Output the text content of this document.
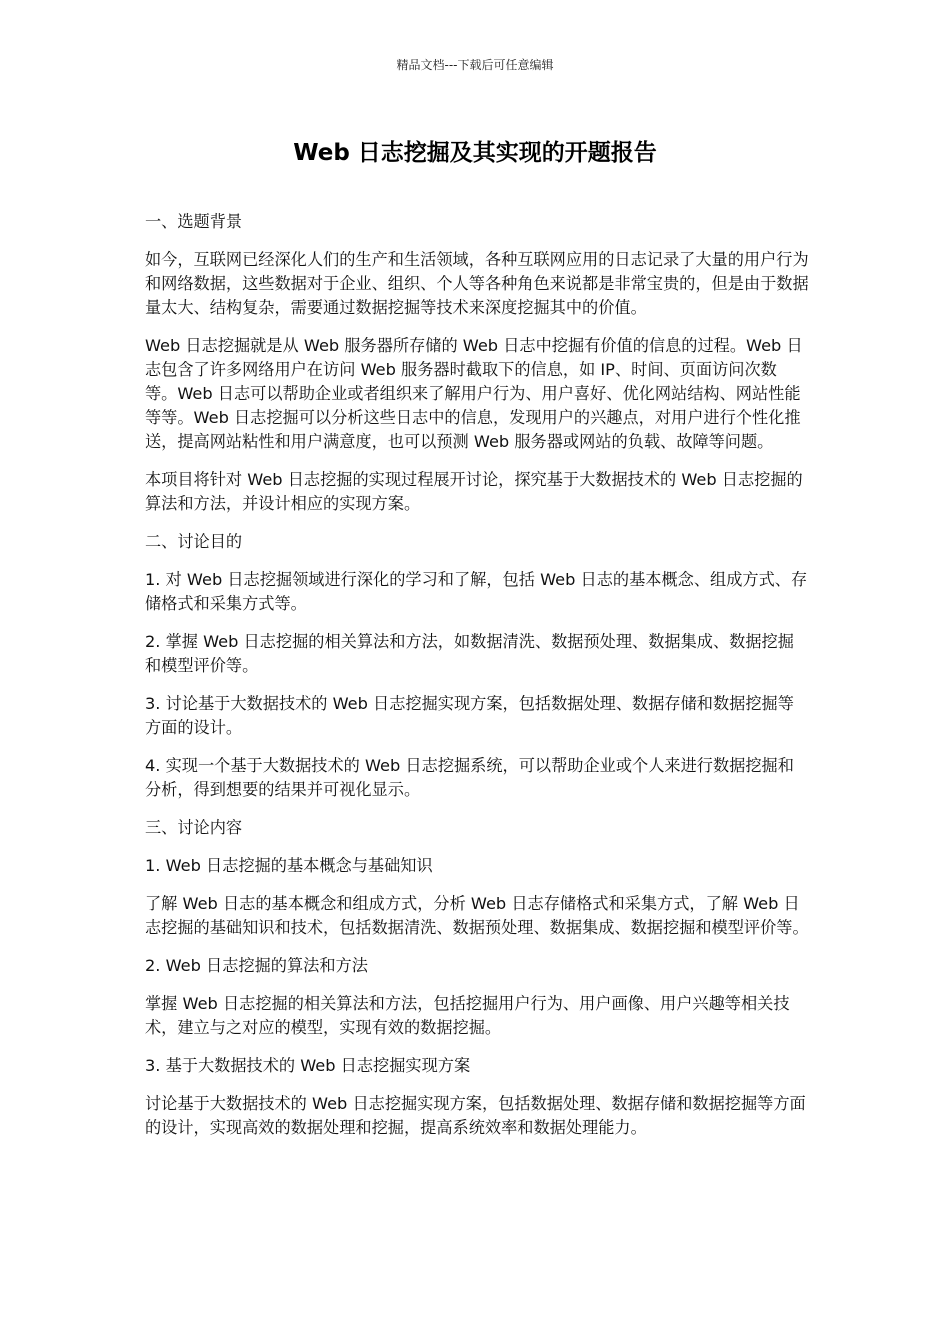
精品文档---下载后可任意编辑
Web 日志挖掘及其实现的开题报告

一、选题背景

如今，互联网已经深化人们的生产和生活领域，各种互联网应用的日志记录了大量的用户行为和网络数据，这些数据对于企业、组织、个人等各种角色来说都是非常宝贵的，但是由于数据量太大、结构复杂，需要通过数据挖掘等技术来深度挖掘其中的价值。

Web 日志挖掘就是从 Web 服务器所存储的 Web 日志中挖掘有价值的信息的过程。Web 日志包含了许多网络用户在访问 Web 服务器时截取下的信息，如 IP、时间、页面访问次数等。Web 日志可以帮助企业或者组织来了解用户行为、用户喜好、优化网站结构、网站性能等等。Web 日志挖掘可以分析这些日志中的信息，发现用户的兴趣点，对用户进行个性化推送，提高网站粘性和用户满意度，也可以预测 Web 服务器或网站的负载、故障等问题。

本项目将针对 Web 日志挖掘的实现过程展开讨论，探究基于大数据技术的 Web 日志挖掘的算法和方法，并设计相应的实现方案。

二、讨论目的

1. 对 Web 日志挖掘领域进行深化的学习和了解，包括 Web 日志的基本概念、组成方式、存储格式和采集方式等。

2. 掌握 Web 日志挖掘的相关算法和方法，如数据清洗、数据预处理、数据集成、数据挖掘和模型评价等。

3. 讨论基于大数据技术的 Web 日志挖掘实现方案，包括数据处理、数据存储和数据挖掘等方面的设计。

4. 实现一个基于大数据技术的 Web 日志挖掘系统，可以帮助企业或个人来进行数据挖掘和分析，得到想要的结果并可视化显示。

三、讨论内容

1. Web 日志挖掘的基本概念与基础知识

了解 Web 日志的基本概念和组成方式，分析 Web 日志存储格式和采集方式，了解 Web 日志挖掘的基础知识和技术，包括数据清洗、数据预处理、数据集成、数据挖掘和模型评价等。

2. Web 日志挖掘的算法和方法

掌握 Web 日志挖掘的相关算法和方法，包括挖掘用户行为、用户画像、用户兴趣等相关技术，建立与之对应的模型，实现有效的数据挖掘。

3. 基于大数据技术的 Web 日志挖掘实现方案

讨论基于大数据技术的 Web 日志挖掘实现方案，包括数据处理、数据存储和数据挖掘等方面的设计，实现高效的数据处理和挖掘，提高系统效率和数据处理能力。
